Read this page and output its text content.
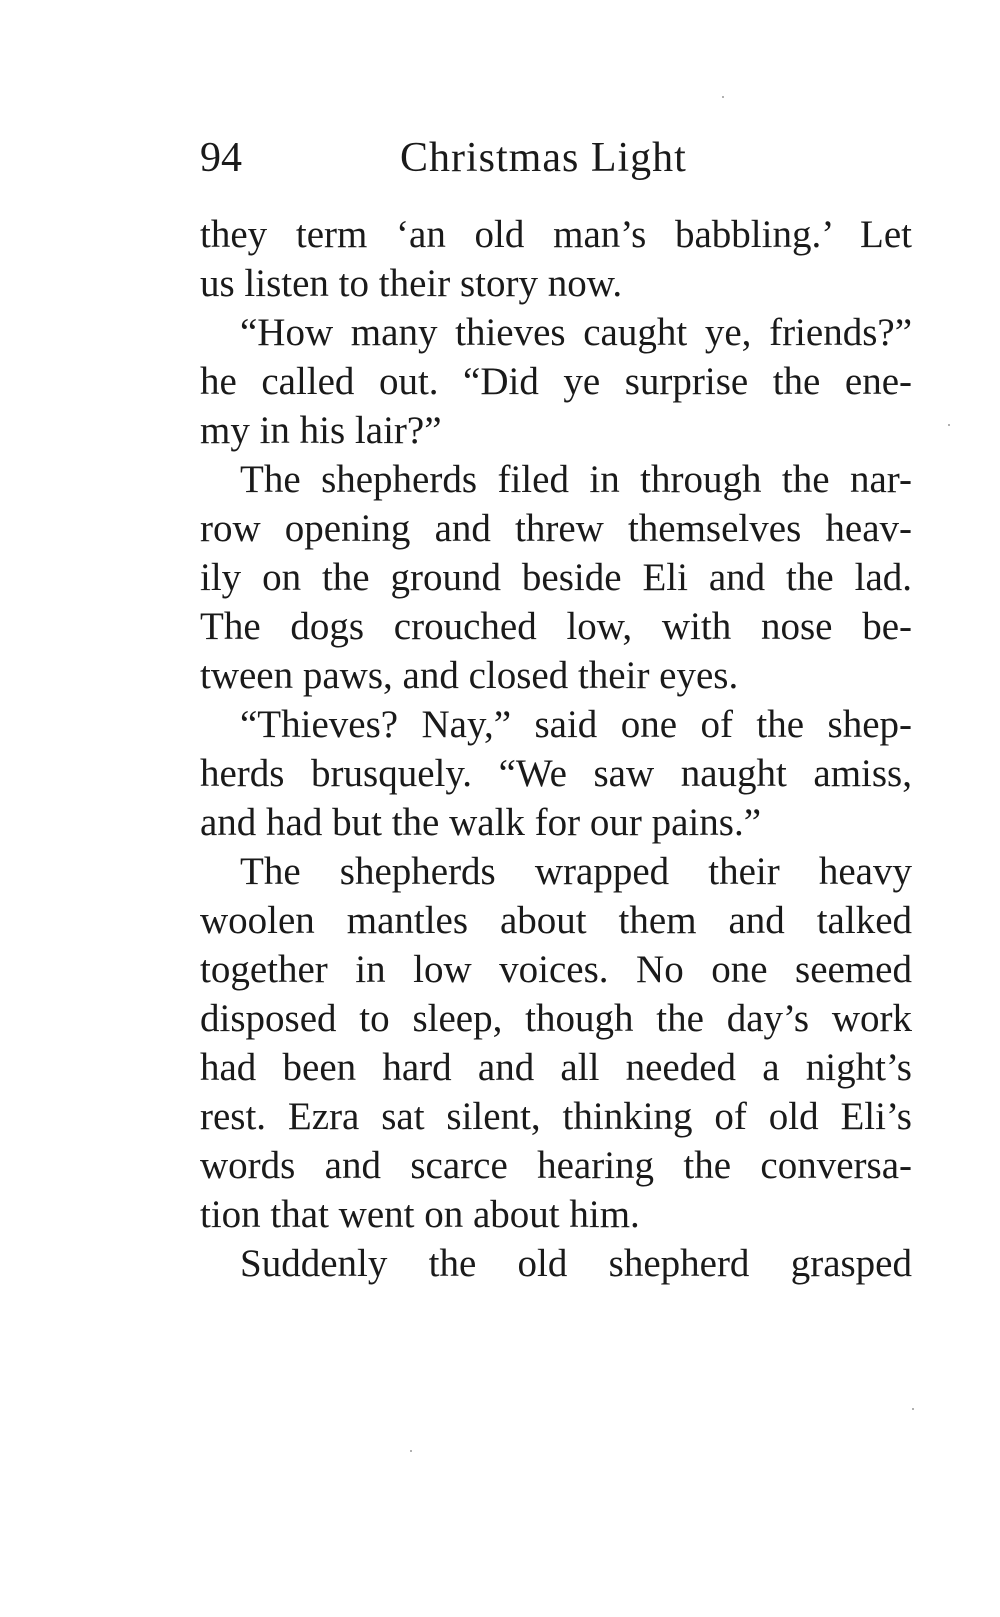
94	Christmas Light
they term ‘an old man’s babbling.’ Let
us listen to their story now.
“How many thieves caught ye, friends?”
he called out. “Did ye surprise the ene-
my in his lair?”
The shepherds filed in through the nar-
row opening and threw themselves heav-
ily on the ground beside Eli and the lad.
The dogs crouched low, with nose be-
tween paws, and closed their eyes.
“Thieves? Nay,” said one of the shep-
herds brusquely. “We saw naught amiss,
and had but the walk for our pains.”
The shepherds wrapped their heavy
woolen mantles about them and talked
together in low voices. No one seemed
disposed to sleep, though the day’s work
had been hard and all needed a night’s
rest. Ezra sat silent, thinking of old Eli’s
words and scarce hearing the conversa-
tion that went on about him.
Suddenly the old shepherd grasped
